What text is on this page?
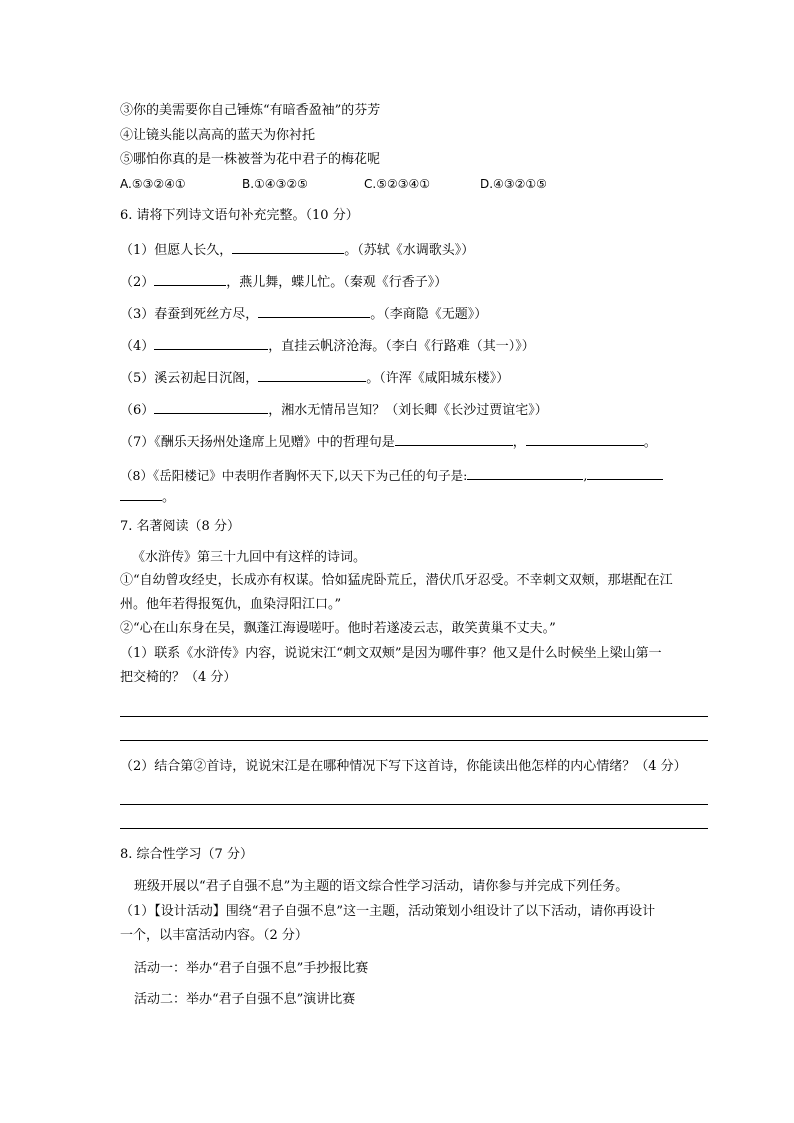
③你的美需要你自己锤炼“有暗香盈袖”的芬芳
④让镜头能以高高的蓝天为你衬托
⑤哪怕你真的是一株被誉为花中君子的梅花呢
A.⑤③②④①	B.①④③②⑤	C.⑤②③④①	D.④③②①⑤
6. 请将下列诗文语句补充完整。（10 分）
（1）但愿人长久，	。（苏轼《水调歌头》）
（2）	，燕儿舞，蝶儿忙。（秦观《行香子》）
（3）春蚕到死丝方尽，	。（李商隐《无题》）
（4）	，直挂云帆济沧海。（李白《行路难（其一）》）
（5）溪云初起日沉阁，	。（许浑《咸阳城东楼》）
（6）	，湘水无情吊岂知？（刘长卿《长沙过贾谊宅》）
（7）《酬乐天扬州处逢席上见赠》中的哲理句是	，	。
（8）《岳阳楼记》中表明作者胸怀天下,以天下为己任的句子是:	,
。
7. 名著阅读（8 分）
《水浒传》第三十九回中有这样的诗词。
①“自幼曾攻经史，长成亦有权谋。恰如猛虎卧荒丘，潜伏爪牙忍受。不幸刺文双颊，那堪配在江
州。他年若得报冤仇，血染浔阳江口。”
②“心在山东身在吴，飘蓬江海谩嗟吁。他时若遂凌云志，敢笑黄巢不丈夫。”
（1）联系《水浒传》内容，说说宋江“刺文双颊”是因为哪件事？他又是什么时候坐上梁山第一
把交椅的？（4 分）
（2）结合第②首诗，说说宋江是在哪种情况下写下这首诗，你能读出他怎样的内心情绪？（4 分）
8. 综合性学习（7 分）
班级开展以“君子自强不息”为主题的语文综合性学习活动，请你参与并完成下列任务。
（1）【设计活动】围绕“君子自强不息”这一主题，活动策划小组设计了以下活动，请你再设计
一个，以丰富活动内容。（2 分）
活动一：举办“君子自强不息”手抄报比赛
活动二：举办“君子自强不息”演讲比赛
